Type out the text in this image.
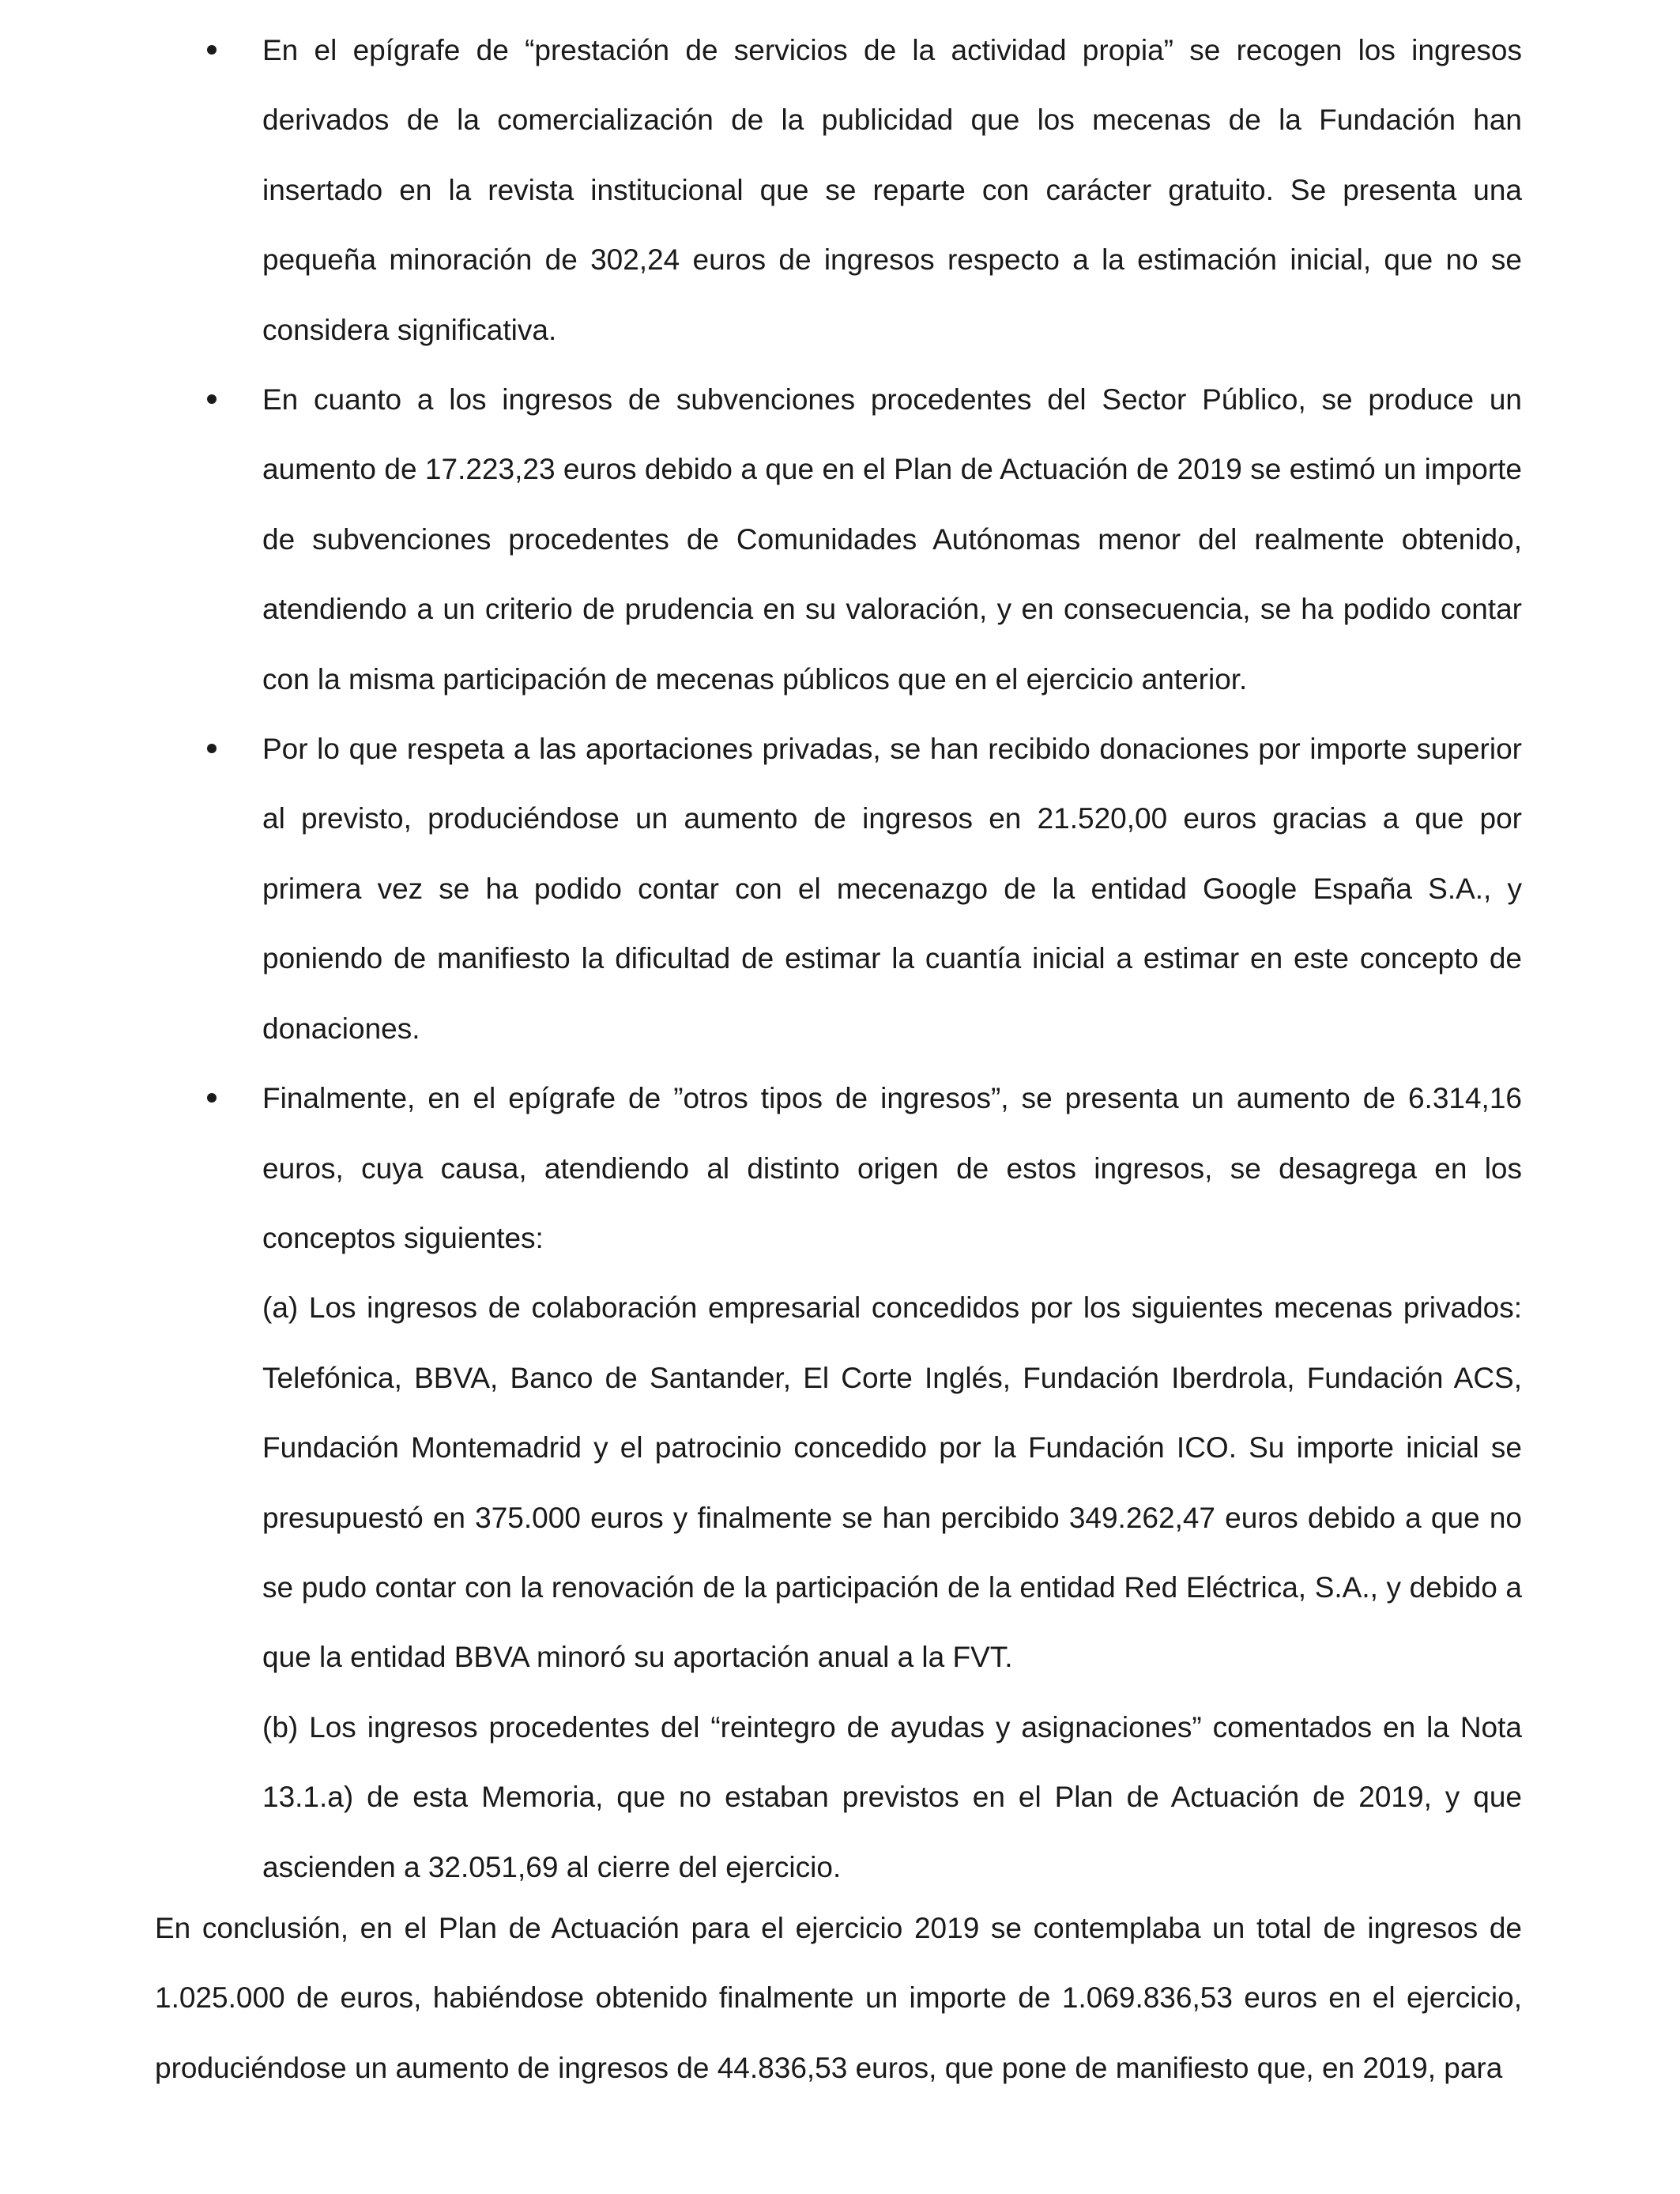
En el epígrafe de “prestación de servicios de la actividad propia” se recogen los ingresos derivados de la comercialización de la publicidad que los mecenas de la Fundación han insertado en la revista institucional que se reparte con carácter gratuito. Se presenta una pequeña minoración de 302,24 euros de ingresos respecto a la estimación inicial, que no se considera significativa.
En cuanto a los ingresos de subvenciones procedentes del Sector Público, se produce un aumento de 17.223,23 euros debido a que en el Plan de Actuación de 2019 se estimó un importe de subvenciones procedentes de Comunidades Autónomas menor del realmente obtenido, atendiendo a un criterio de prudencia en su valoración, y en consecuencia, se ha podido contar con la misma participación de mecenas públicos que en el ejercicio anterior.
Por lo que respeta a las aportaciones privadas, se han recibido donaciones por importe superior al previsto, produciéndose un aumento de ingresos en 21.520,00 euros gracias a que por primera vez se ha podido contar con el mecenazgo de la entidad Google España S.A., y poniendo de manifiesto la dificultad de estimar la cuantía inicial a estimar en este concepto de donaciones.
Finalmente, en el epígrafe de ”otros tipos de ingresos”, se presenta un aumento de 6.314,16 euros, cuya causa, atendiendo al distinto origen de estos ingresos, se desagrega en los conceptos siguientes:
(a) Los ingresos de colaboración empresarial concedidos por los siguientes mecenas privados: Telefónica, BBVA, Banco de Santander, El Corte Inglés, Fundación Iberdrola, Fundación ACS, Fundación Montemadrid y el patrocinio concedido por la Fundación ICO. Su importe inicial se presupuestó en 375.000 euros y finalmente se han percibido 349.262,47 euros debido a que no se pudo contar con la renovación de la participación de la entidad Red Eléctrica, S.A., y debido a que la entidad BBVA minoró su aportación anual a la FVT.
(b) Los ingresos procedentes del “reintegro de ayudas y asignaciones” comentados en la Nota 13.1.a) de esta Memoria, que no estaban previstos en el Plan de Actuación de 2019, y que ascienden a 32.051,69 al cierre del ejercicio.

En conclusión, en el Plan de Actuación para el ejercicio 2019 se contemplaba un total de ingresos de 1.025.000 de euros, habiéndose obtenido finalmente un importe de 1.069.836,53 euros en el ejercicio, produciéndose un aumento de ingresos de 44.836,53 euros, que pone de manifiesto que, en 2019, para
